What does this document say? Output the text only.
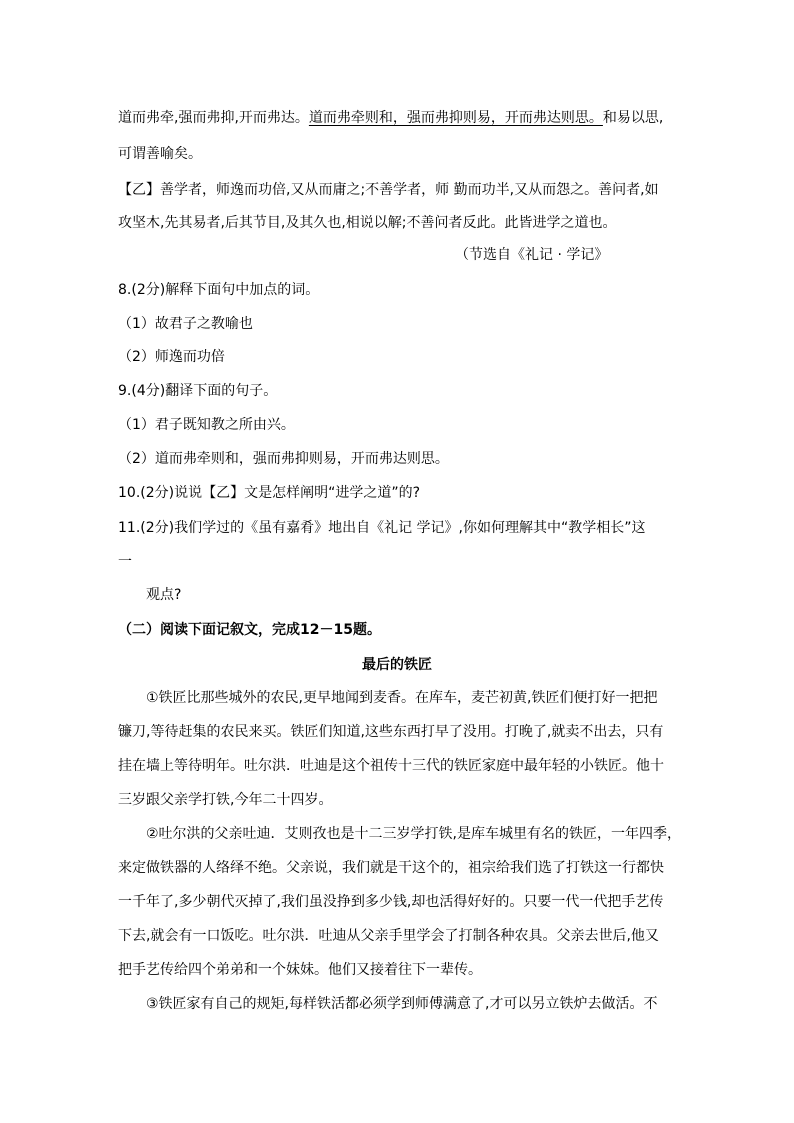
道而弗牵,强而弗抑,开而弗达。道而弗牵则和，强而弗抑则易，开而弗达则思。和易以思,
可谓善喻矣。
【乙】善学者，师逸而功倍,又从而庸之;不善学者，师 勤而功半,又从而怨之。善问者,如
攻坚木,先其易者,后其节目,及其久也,相说以解;不善问者反此。此皆进学之道也。
（节选自《礼记 · 学记》
8.(2分)解释下面句中加点的词。
（1）故君子之教喻也
（2）师逸而功倍
9.(4分)翻译下面的句子。
（1）君子既知教之所由兴。
（2）道而弗牵则和，强而弗抑则易，开而弗达则思。
10.(2分)说说【乙】文是怎样阐明“进学之道”的?
11.(2分)我们学过的《虽有嘉肴》地出自《礼记 学记》,你如何理解其中“教学相长”这
一
观点?
（二）阅读下面记叙文，完成12－15题。
最后的铁匠
①铁匠比那些城外的农民,更早地闻到麦香。在库车，麦芒初黄,铁匠们便打好一把把
镰刀,等待赶集的农民来买。铁匠们知道,这些东西打早了没用。打晚了,就卖不出去，只有
挂在墙上等待明年。吐尔洪．吐迪是这个祖传十三代的铁匠家庭中最年轻的小铁匠。他十
三岁跟父亲学打铁,今年二十四岁。
②吐尔洪的父亲吐迪．艾则孜也是十二三岁学打铁,是库车城里有名的铁匠，一年四季，
来定做铁器的人络绎不绝。父亲说，我们就是干这个的，祖宗给我们选了打铁这一行都快
一千年了,多少朝代灭掉了,我们虽没挣到多少钱,却也活得好好的。只要一代一代把手艺传
下去,就会有一口饭吃。吐尔洪．吐迪从父亲手里学会了打制各种农具。父亲去世后,他又
把手艺传给四个弟弟和一个妹妹。他们又接着往下一辈传。
③铁匠家有自己的规矩,每样铁活都必须学到师傅满意了,才可以另立铁炉去做活。不
